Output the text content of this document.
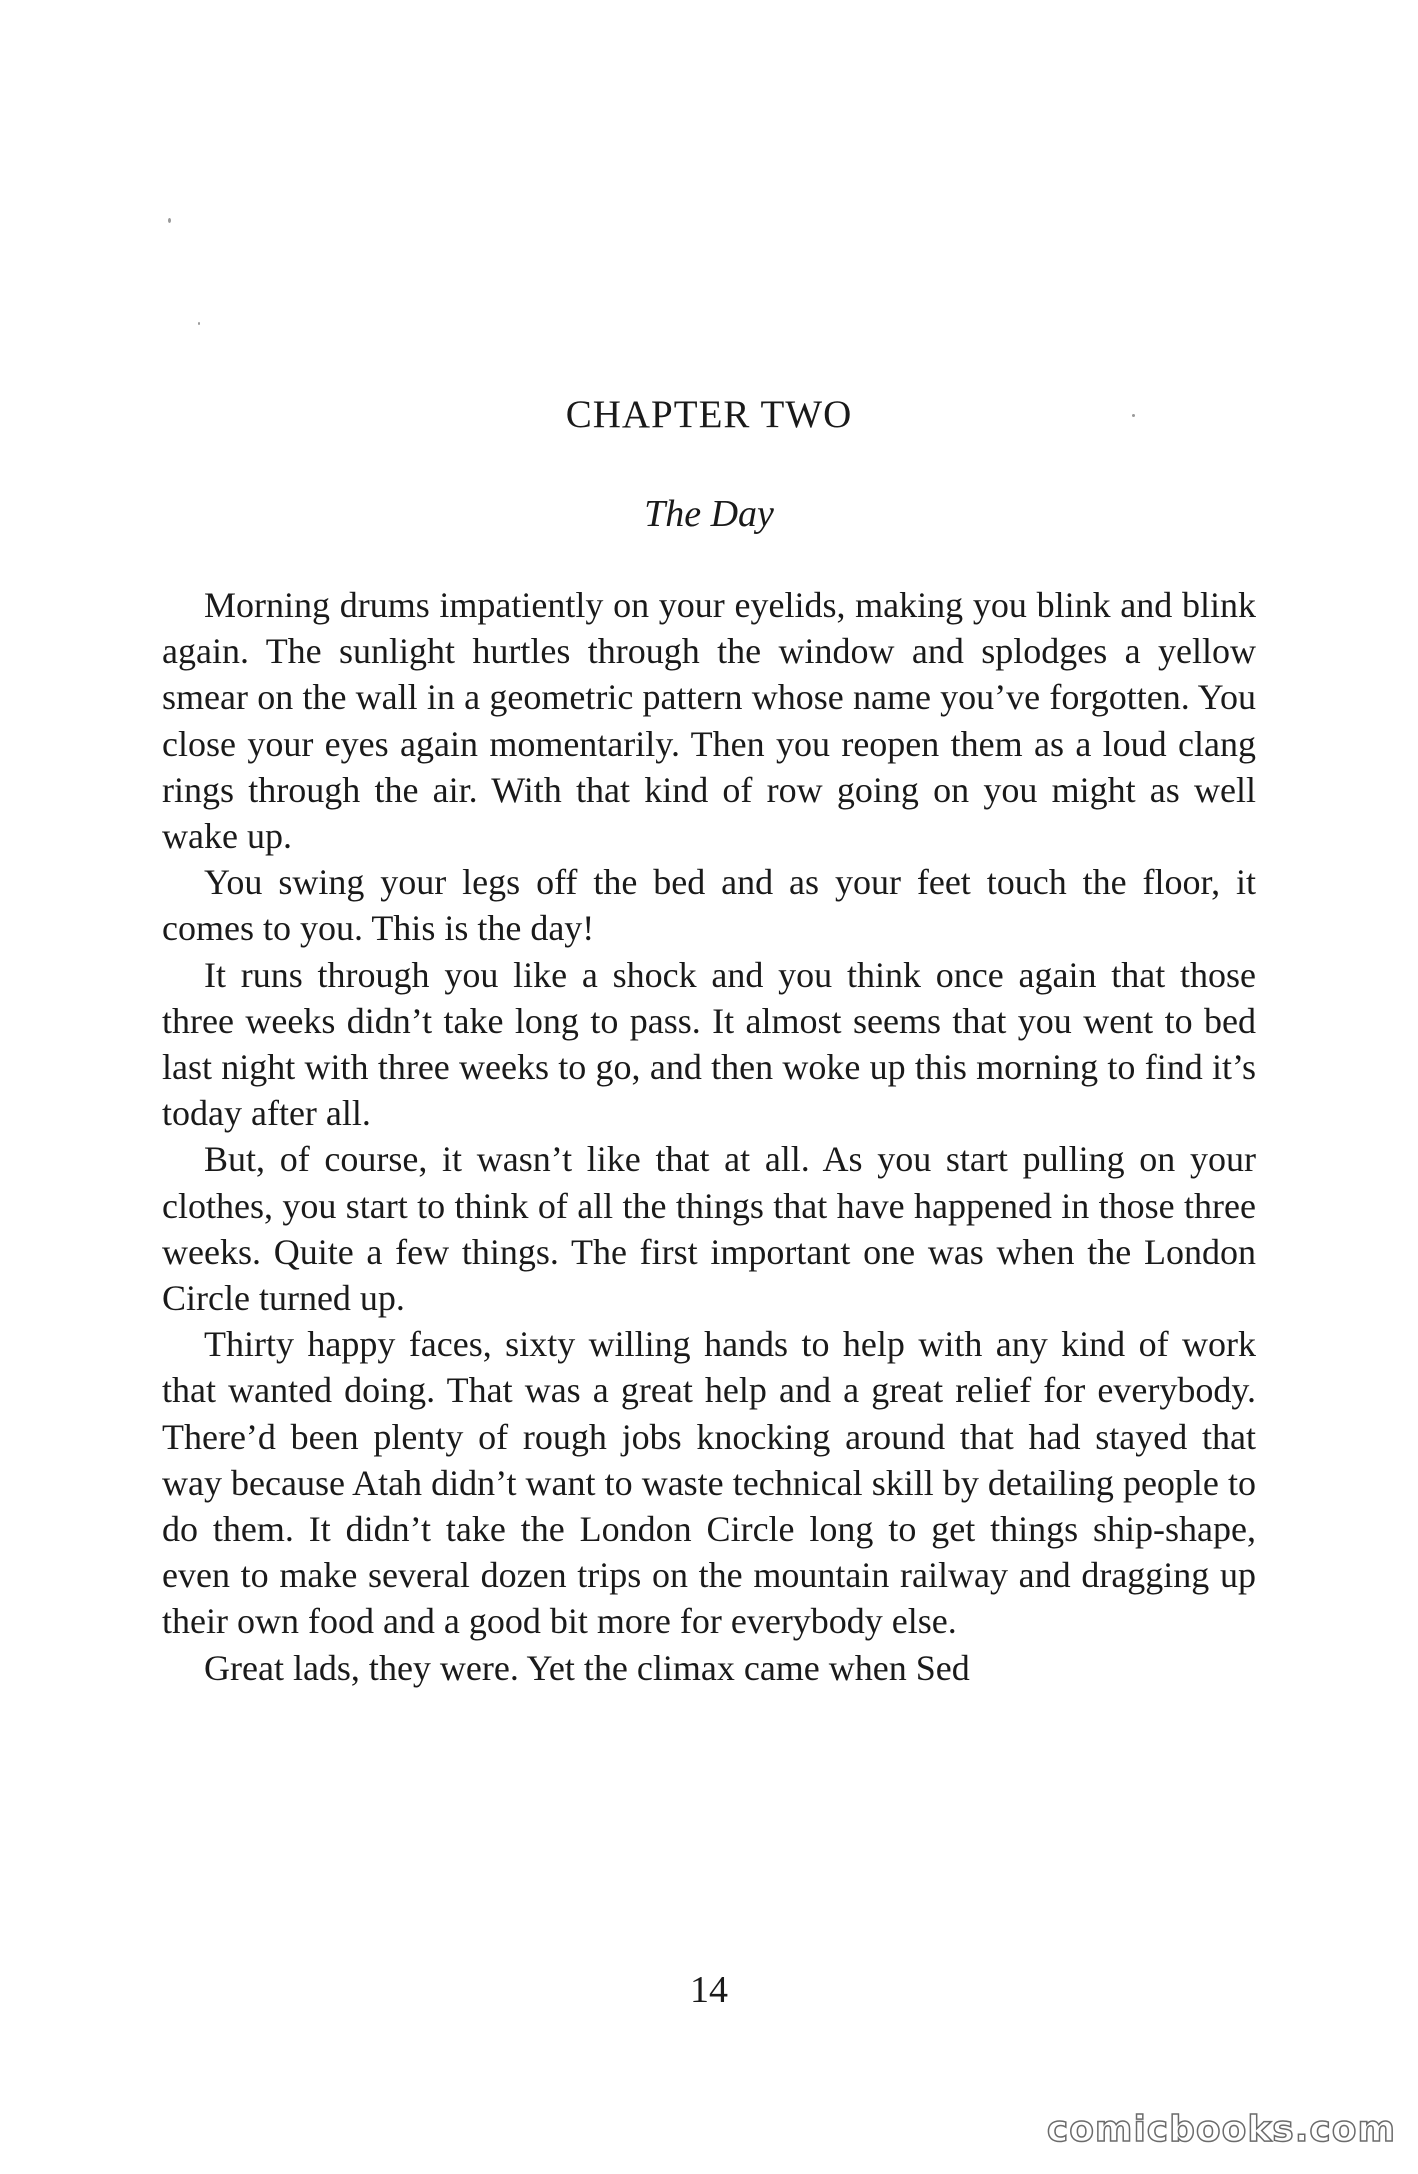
CHAPTER TWO
The Day

Morning drums impatiently on your eyelids, making you blink and blink again. The sunlight hurtles through the window and splodges a yellow smear on the wall in a geometric pattern whose name you’ve forgotten. You close your eyes again momentarily. Then you reopen them as a loud clang rings through the air. With that kind of row going on you might as well wake up.

You swing your legs off the bed and as your feet touch the floor, it comes to you. This is the day!

It runs through you like a shock and you think once again that those three weeks didn’t take long to pass. It almost seems that you went to bed last night with three weeks to go, and then woke up this morning to find it’s today after all.

But, of course, it wasn’t like that at all. As you start pulling on your clothes, you start to think of all the things that have happened in those three weeks. Quite a few things. The first important one was when the London Circle turned up.

Thirty happy faces, sixty willing hands to help with any kind of work that wanted doing. That was a great help and a great relief for everybody. There’d been plenty of rough jobs knocking around that had stayed that way because Atah didn’t want to waste technical skill by detailing people to do them. It didn’t take the London Circle long to get things ship-shape, even to make several dozen trips on the mountain railway and dragging up their own food and a good bit more for everybody else.

Great lads, they were. Yet the climax came when Sed

14
comicbooks.com
